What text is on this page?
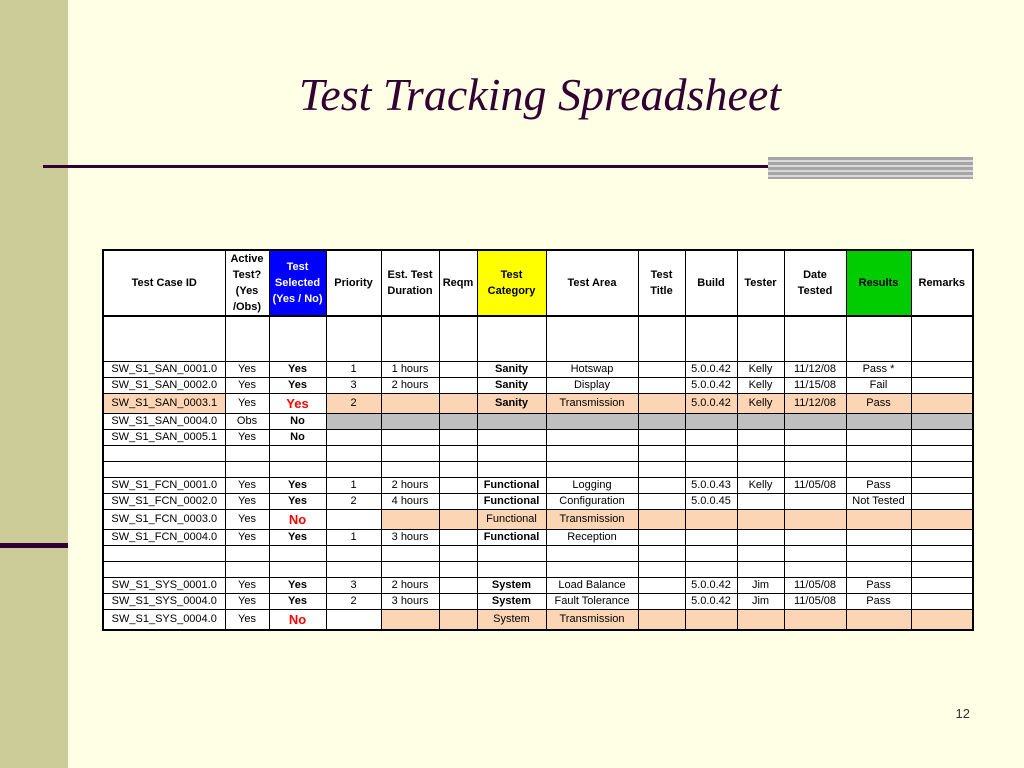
Test Tracking Spreadsheet
Test Case ID	Active Test? (Yes /Obs)	Test Selected (Yes / No)	Priority	Est. Test Duration	Reqm	Test Category	Test Area	Test Title	Build	Tester	Date Tested	Results	Remarks

SW_S1_SAN_0001.0	Yes	Yes	1	1 hours		Sanity	Hotswap		5.0.0.42	Kelly	11/12/08	Pass *	
SW_S1_SAN_0002.0	Yes	Yes	3	2 hours		Sanity	Display		5.0.0.42	Kelly	11/15/08	Fail	
SW_S1_SAN_0003.1	Yes	Yes	2			Sanity	Transmission		5.0.0.42	Kelly	11/12/08	Pass	
SW_S1_SAN_0004.0	Obs	No											
SW_S1_SAN_0005.1	Yes	No											

SW_S1_FCN_0001.0	Yes	Yes	1	2 hours		Functional	Logging		5.0.0.43	Kelly	11/05/08	Pass	
SW_S1_FCN_0002.0	Yes	Yes	2	4 hours		Functional	Configuration		5.0.0.45			Not Tested	
SW_S1_FCN_0003.0	Yes	No				Functional	Transmission						
SW_S1_FCN_0004.0	Yes	Yes	1	3 hours		Functional	Reception						

SW_S1_SYS_0001.0	Yes	Yes	3	2 hours		System	Load Balance		5.0.0.42	Jim	11/05/08	Pass	
SW_S1_SYS_0004.0	Yes	Yes	2	3 hours		System	Fault Tolerance		5.0.0.42	Jim	11/05/08	Pass	
SW_S1_SYS_0004.0	Yes	No				System	Transmission						
12
